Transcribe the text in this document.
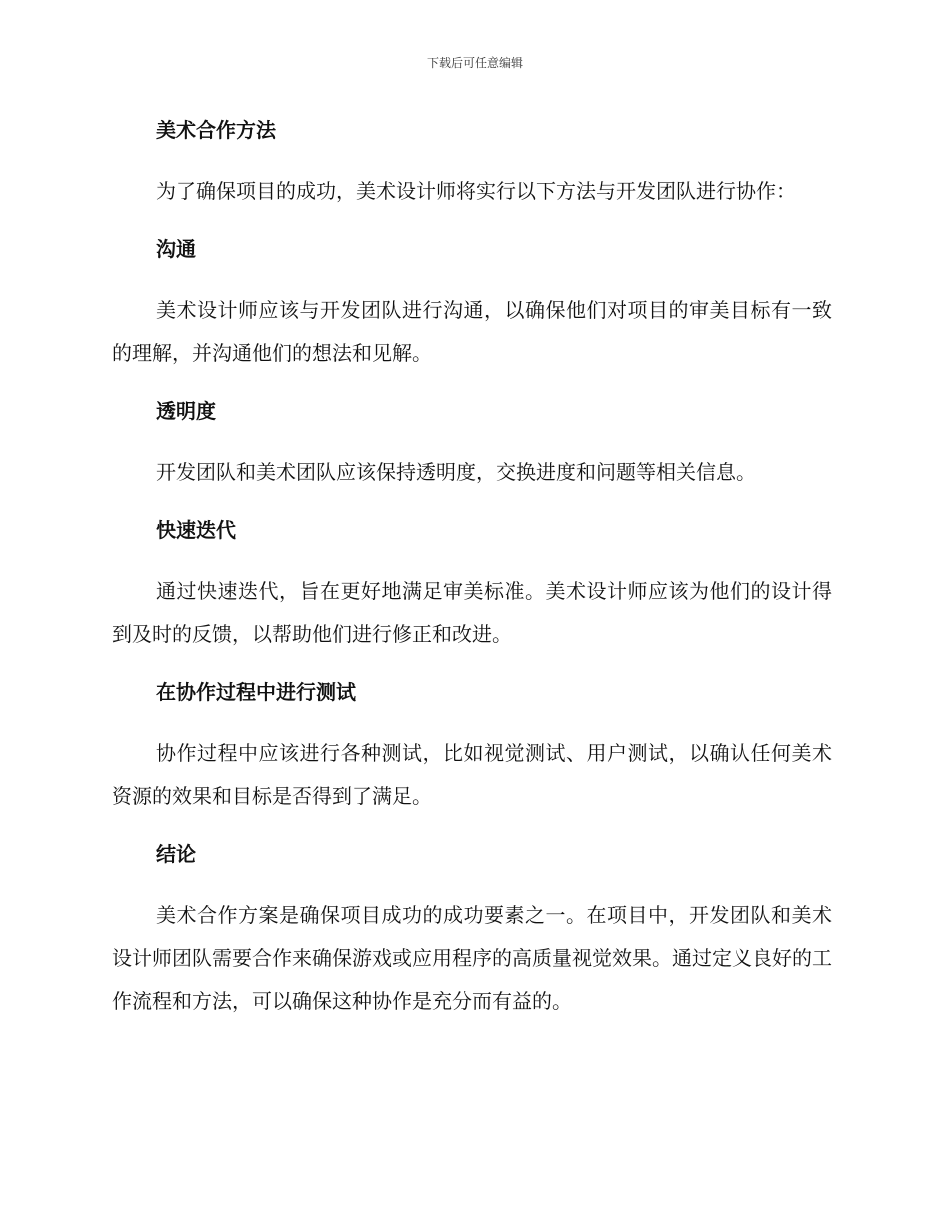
下载后可任意编辑
美术合作方法

为了确保项目的成功，美术设计师将实行以下方法与开发团队进行协作：

沟通

美术设计师应该与开发团队进行沟通，以确保他们对项目的审美目标有一致的理解，并沟通他们的想法和见解。

透明度

开发团队和美术团队应该保持透明度，交换进度和问题等相关信息。

快速迭代

通过快速迭代，旨在更好地满足审美标准。美术设计师应该为他们的设计得到及时的反馈，以帮助他们进行修正和改进。

在协作过程中进行测试

协作过程中应该进行各种测试，比如视觉测试、用户测试，以确认任何美术资源的效果和目标是否得到了满足。

结论

美术合作方案是确保项目成功的成功要素之一。在项目中，开发团队和美术设计师团队需要合作来确保游戏或应用程序的高质量视觉效果。通过定义良好的工作流程和方法，可以确保这种协作是充分而有益的。
